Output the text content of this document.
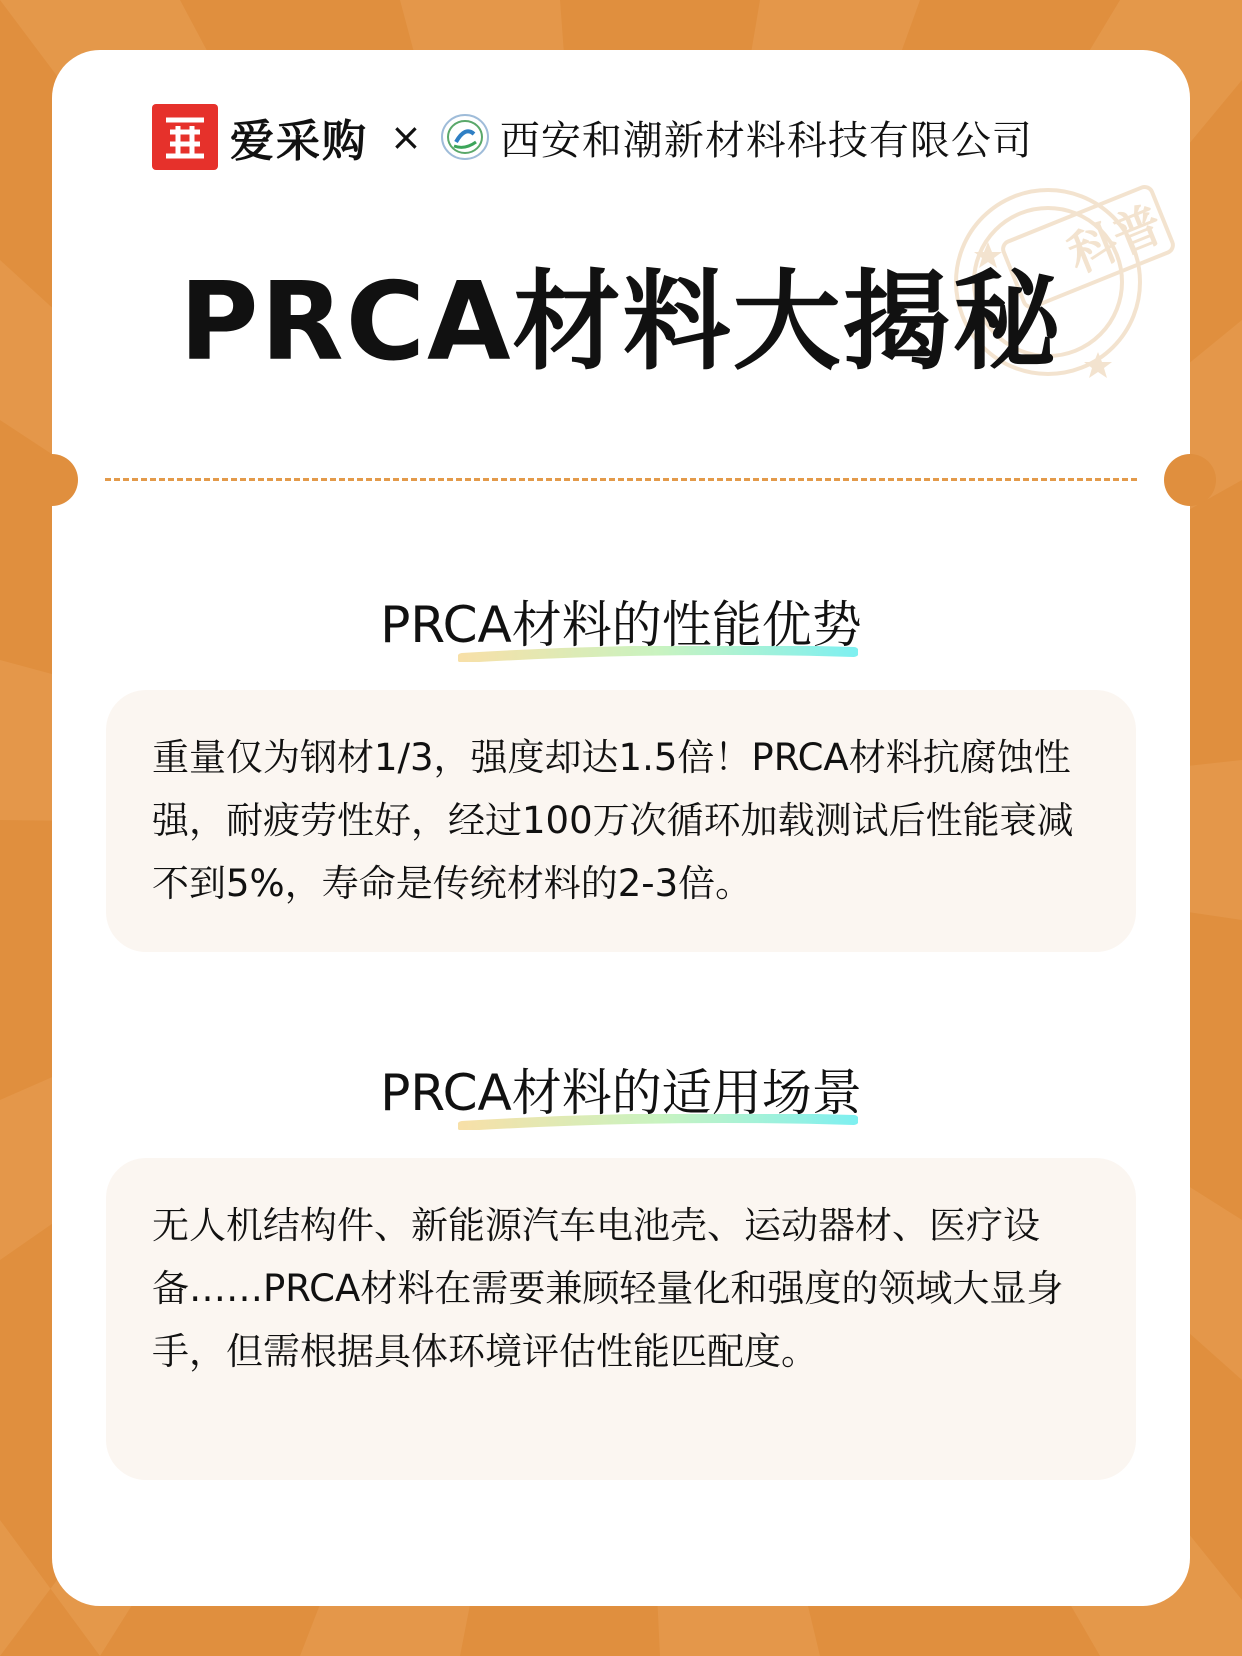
爱采购 × 西安和潮新材料科技有限公司
科普
PRCA材料大揭秘
PRCA材料的性能优势

重量仅为钢材1/3，强度却达1.5倍！PRCA材料抗腐蚀性强，耐疲劳性好，经过100万次循环加载测试后性能衰减不到5%，寿命是传统材料的2-3倍。

PRCA材料的适用场景

无人机结构件、新能源汽车电池壳、运动器材、医疗设备……PRCA材料在需要兼顾轻量化和强度的领域大显身手，但需根据具体环境评估性能匹配度。
